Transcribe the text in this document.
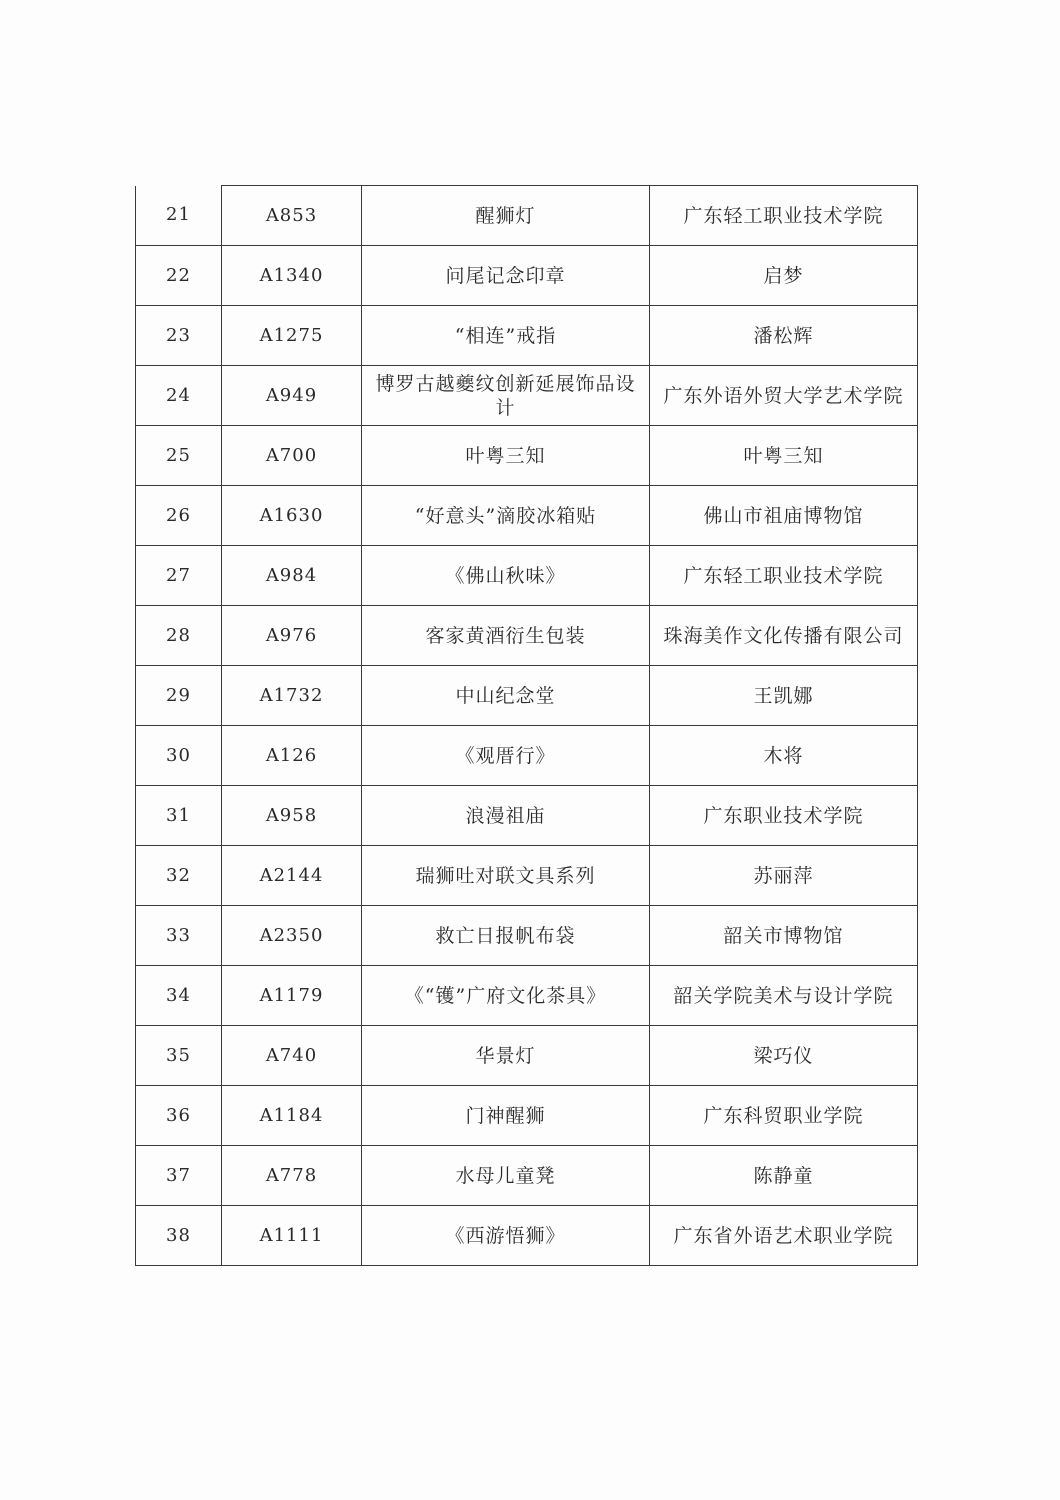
21	A853	醒狮灯	广东轻工职业技术学院
22	A1340	问尾记念印章	启梦
23	A1275	“相连”戒指	潘松辉
24	A949	博罗古越夔纹创新延展饰品设计	广东外语外贸大学艺术学院
25	A700	叶粤三知	叶粤三知
26	A1630	“好意头”滴胶冰箱贴	佛山市祖庙博物馆
27	A984	《佛山秋味》	广东轻工职业技术学院
28	A976	客家黄酒衍生包装	珠海美作文化传播有限公司
29	A1732	中山纪念堂	王凯娜
30	A126	《观厝行》	木将
31	A958	浪漫祖庙	广东职业技术学院
32	A2144	瑞狮吐对联文具系列	苏丽萍
33	A2350	救亡日报帆布袋	韶关市博物馆
34	A1179	《“镬”广府文化茶具》	韶关学院美术与设计学院
35	A740	华景灯	梁巧仪
36	A1184	门神醒狮	广东科贸职业学院
37	A778	水母儿童凳	陈静童
38	A1111	《西游悟狮》	广东省外语艺术职业学院
